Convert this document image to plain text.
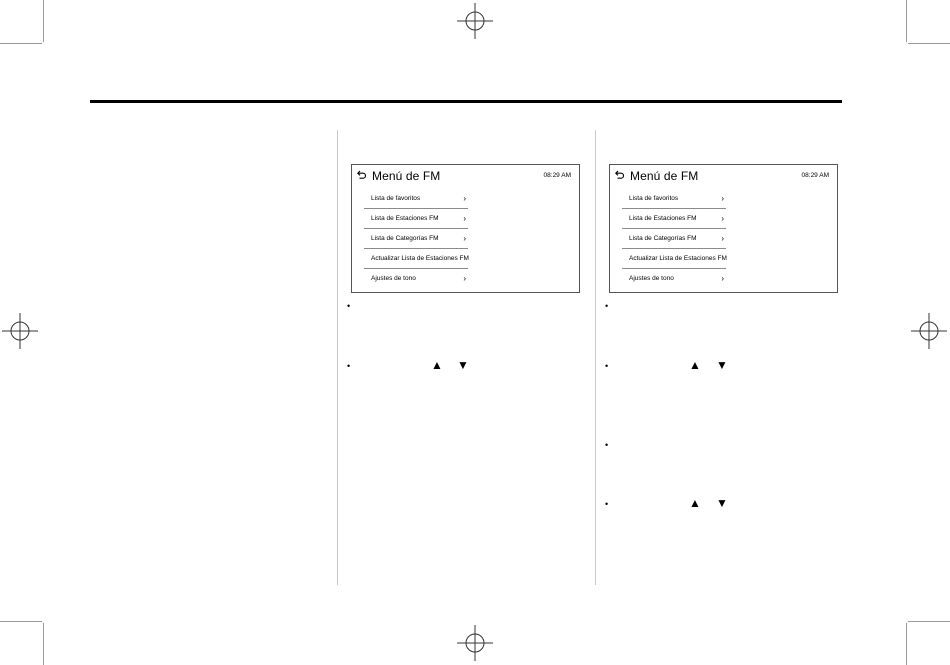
Menú de FM	08:29 AM
Lista de favoritos	›
Lista de Estaciones FM	›
Lista de Categorías FM	›
Actualizar Lista de Estaciones FM
Ajustes de tono	›
Menú de FM	08:29 AM
Lista de favoritos	›
Lista de Estaciones FM	›
Lista de Categorías FM	›
Actualizar Lista de Estaciones FM
Ajustes de tono	›
•
•	▲ ▼
•
•	▲ ▼
•
•	▲ ▼
